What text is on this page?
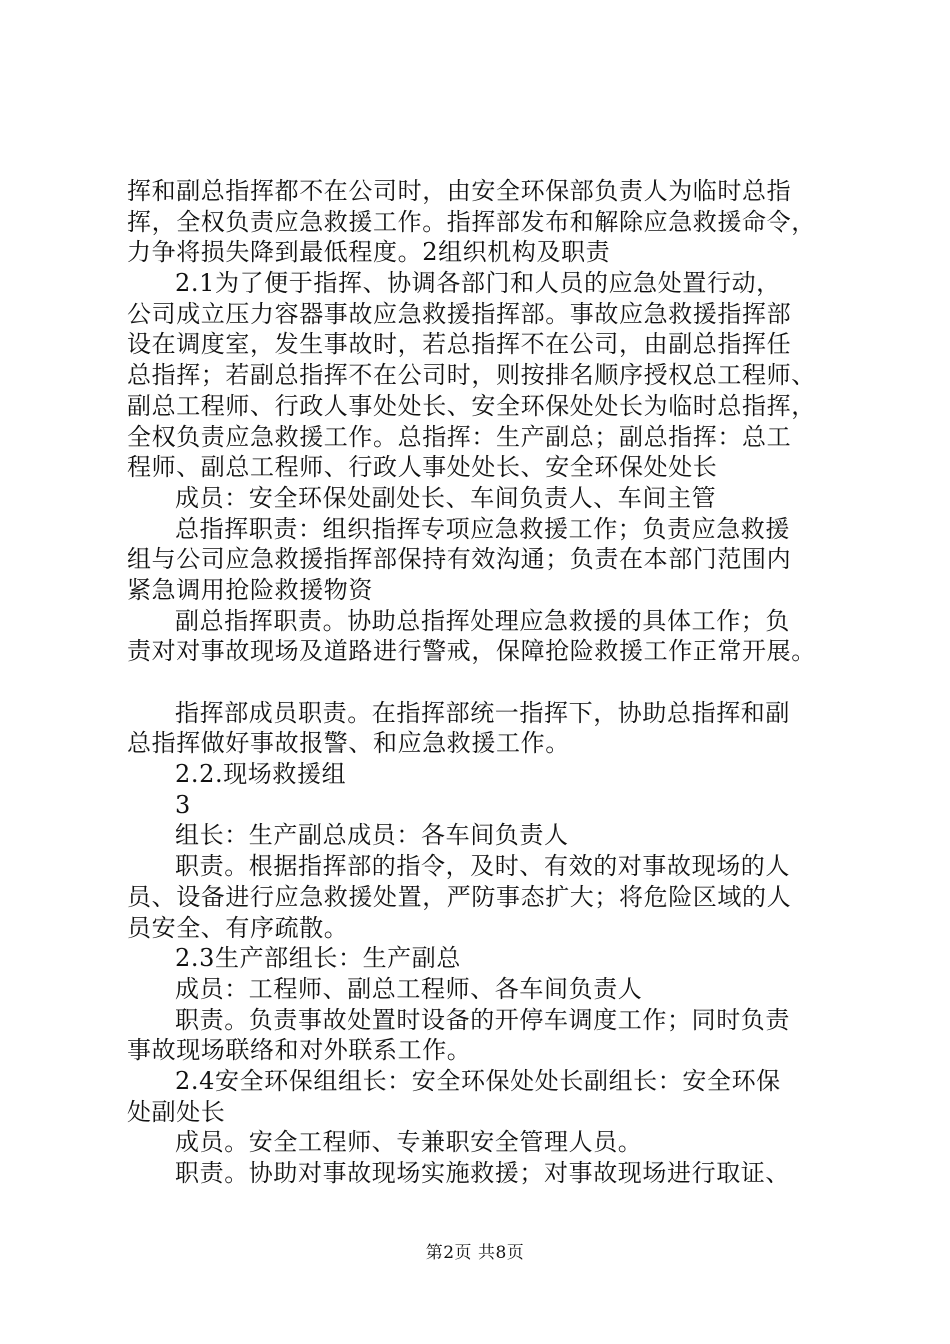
挥和副总指挥都不在公司时，由安全环保部负责人为临时总指
挥，全权负责应急救援工作。指挥部发布和解除应急救援命令，
力争将损失降到最低程度。2组织机构及职责
2.1为了便于指挥、协调各部门和人员的应急处置行动，
公司成立压力容器事故应急救援指挥部。事故应急救援指挥部
设在调度室，发生事故时，若总指挥不在公司，由副总指挥任
总指挥；若副总指挥不在公司时，则按排名顺序授权总工程师、
副总工程师、行政人事处处长、安全环保处处长为临时总指挥，
全权负责应急救援工作。总指挥：生产副总；副总指挥：总工
程师、副总工程师、行政人事处处长、安全环保处处长
成员：安全环保处副处长、车间负责人、车间主管
总指挥职责：组织指挥专项应急救援工作；负责应急救援
组与公司应急救援指挥部保持有效沟通；负责在本部门范围内
紧急调用抢险救援物资
副总指挥职责。协助总指挥处理应急救援的具体工作；负
责对对事故现场及道路进行警戒，保障抢险救援工作正常开展。
指挥部成员职责。在指挥部统一指挥下，协助总指挥和副
总指挥做好事故报警、和应急救援工作。
2.2.现场救援组
3
组长：生产副总成员：各车间负责人
职责。根据指挥部的指令，及时、有效的对事故现场的人
员、设备进行应急救援处置，严防事态扩大；将危险区域的人
员安全、有序疏散。
2.3生产部组长：生产副总
成员：工程师、副总工程师、各车间负责人
职责。负责事故处置时设备的开停车调度工作；同时负责
事故现场联络和对外联系工作。
2.4安全环保组组长：安全环保处处长副组长：安全环保
处副处长
成员。安全工程师、专兼职安全管理人员。
职责。协助对事故现场实施救援；对事故现场进行取证、
第2页 共8页
